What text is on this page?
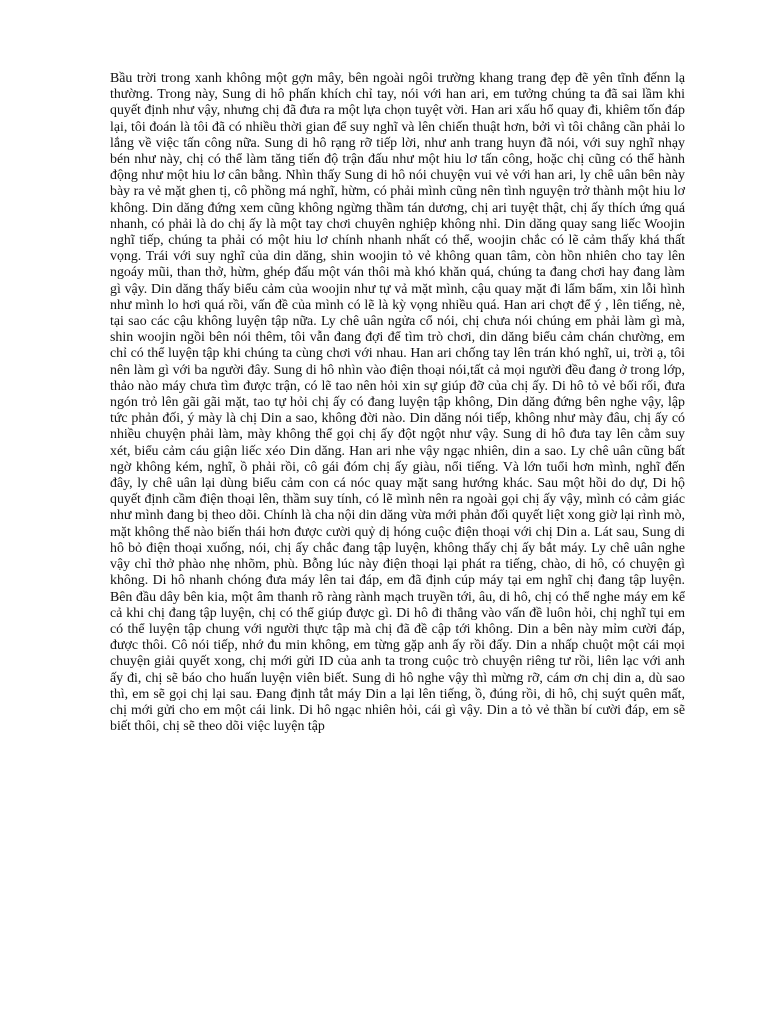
Bầu trời trong xanh không một gợn mây, bên ngoài ngôi trường khang trang đẹp đẽ yên tĩnh đếnn lạ thường. Trong này, Sung di hô phấn khích chỉ tay, nói với han ari, em tưởng chúng ta đã sai lầm khi quyết định như vậy, nhưng chị đã đưa ra một lựa chọn tuyệt vời. Han ari xấu hổ quay đi, khiêm tốn đáp lại, tôi đoán là tôi đã có nhiều thời gian để suy nghĩ và lên chiến thuật hơn, bởi vì tôi chẳng cần phải lo lắng về việc tấn công nữa. Sung di hô rạng rỡ tiếp lời, như anh trang huyn đã nói, với suy nghĩ nhạy bén như này, chị có thể làm tăng tiến độ trận đấu như một hiu lơ tấn công, hoặc chị cũng có thể hành động như một hiu lơ cân bằng. Nhìn thấy Sung di hô nói chuyện vui vẻ với han ari, ly chê uân bên này bày ra vẻ mặt ghen tị, cô phồng má nghĩ, hừm, có phải mình cũng nên tình nguyện trở thành một hiu lơ không. Din dăng đứng xem cũng không ngừng thầm tán dương, chị ari tuyệt thật, chị ấy thích ứng quá nhanh, có phải là do chị ấy là một tay chơi chuyên nghiệp không nhỉ. Din dăng quay sang liếc Woojin nghĩ tiếp, chúng ta phải có một hiu lơ chính nhanh nhất có thể, woojin chắc có lẽ cảm thấy khá thất vọng. Trái với suy nghĩ của din dăng, shin woojin tỏ vẻ không quan tâm, còn hồn nhiên cho tay lên ngoáy mũi, than thở, hừm, ghép đấu một ván thôi mà khó khăn quá, chúng ta đang chơi hay đang làm gì vậy. Din dăng thấy biểu cảm của woojin như tự vả mặt mình, cậu quay mặt đi lẩm bẩm, xin lỗi hình như mình lo hơi quá rồi, vấn đề của mình có lẽ là kỳ vọng nhiều quá. Han ari chợt để ý , lên tiếng, nè, tại sao các cậu không luyện tập nữa. Ly chê uân ngửa cổ nói, chị chưa nói chúng em phải làm gì mà, shin woojin ngồi bên nói thêm, tôi vẫn đang đợi để tìm trò chơi, din dăng biểu cảm chán chường, em chỉ có thể luyện tập khi chúng ta cùng chơi với nhau. Han ari chống tay lên trán khó nghĩ, ui, trời ạ, tôi nên làm gì với ba người đây. Sung di hô nhìn vào điện thoại nói,tất cả mọi người đều đang ở trong lớp, thảo nào máy chưa tìm được trận, có lẽ tao nên hỏi xin sự giúp đỡ của chị ấy. Di hô tỏ vẻ bối rối, đưa ngón trỏ lên gãi gãi mặt, tao tự hỏi chị ấy có đang luyện tập không, Din dăng đứng bên nghe vậy, lập tức phản đối, ý mày là chị Din a sao, không đời nào. Din dăng nói tiếp, không như mày đâu, chị ấy có nhiều chuyện phải làm, mày không thể gọi chị ấy đột ngột như vậy. Sung di hô đưa tay lên cằm suy xét, biểu cảm cáu giận liếc xéo Din dăng. Han ari nhe vậy ngạc nhiên, din a sao. Ly chê uân cũng bất ngờ không kém, nghĩ, ồ phải rồi, cô gái đóm chị ấy giàu, nổi tiếng. Và lớn tuổi hơn mình, nghĩ đến đây, ly chê uân lại dùng biểu cảm con cá nóc quay mặt sang hướng khác. Sau một hồi do dự, Di hộ quyết định cầm điện thoại lên, thầm suy tính, có lẽ mình nên ra ngoài gọi chị ấy vậy, mình có cảm giác như mình đang bị theo dõi. Chính là cha nội din dăng vừa mới phản đối quyết liệt xong giờ lại rình mò, mặt không thể nào biến thái hơn được cười quỷ dị hóng cuộc điện thoại với chị Din a. Lát sau, Sung di hô bỏ điện thoại xuống, nói, chị ấy chắc đang tập luyện, không thấy chị ấy bắt máy. Ly chê uân nghe vậy chỉ thở phào nhẹ nhõm, phù. Bỗng lúc này điện thoại lại phát ra tiếng, chào, di hô, có chuyện gì không. Di hô nhanh chóng đưa máy lên tai đáp, em đã định cúp máy tại em nghĩ chị đang tập luyện. Bên đầu dây bên kia, một âm thanh rõ ràng rành mạch truyền tới, âu, di hô, chị có thể nghe máy em kể cả khi chị đang tập luyện, chị có thể giúp được gì. Di hô đi thẳng vào vấn đề luôn hỏi, chị nghĩ tụi em có thể luyện tập chung với người thực tập mà chị đã đề cập tới không. Din a bên này mỉm cười đáp, được thôi. Cô nói tiếp, nhớ đu min không, em từng gặp anh ấy rồi đấy. Din a nhấp chuột một cái mọi chuyện giải quyết xong, chị mới gửi ID của anh ta trong cuộc trò chuyện riêng tư rồi, liên lạc với anh ấy đi, chị sẽ báo cho huấn luyện viên biết. Sung di hô nghe vậy thì mừng rỡ, cám ơn chị din a, dù sao thì, em sẽ gọi chị lại sau. Đang định tắt máy Din a lại lên tiếng, ồ, đúng rồi, di hô, chị suýt quên mất, chị mới gửi cho em một cái link. Di hô ngạc nhiên hỏi, cái gì vậy. Din a tỏ vẻ thần bí cười đáp, em sẽ biết thôi, chị sẽ theo dõi việc luyện tập
